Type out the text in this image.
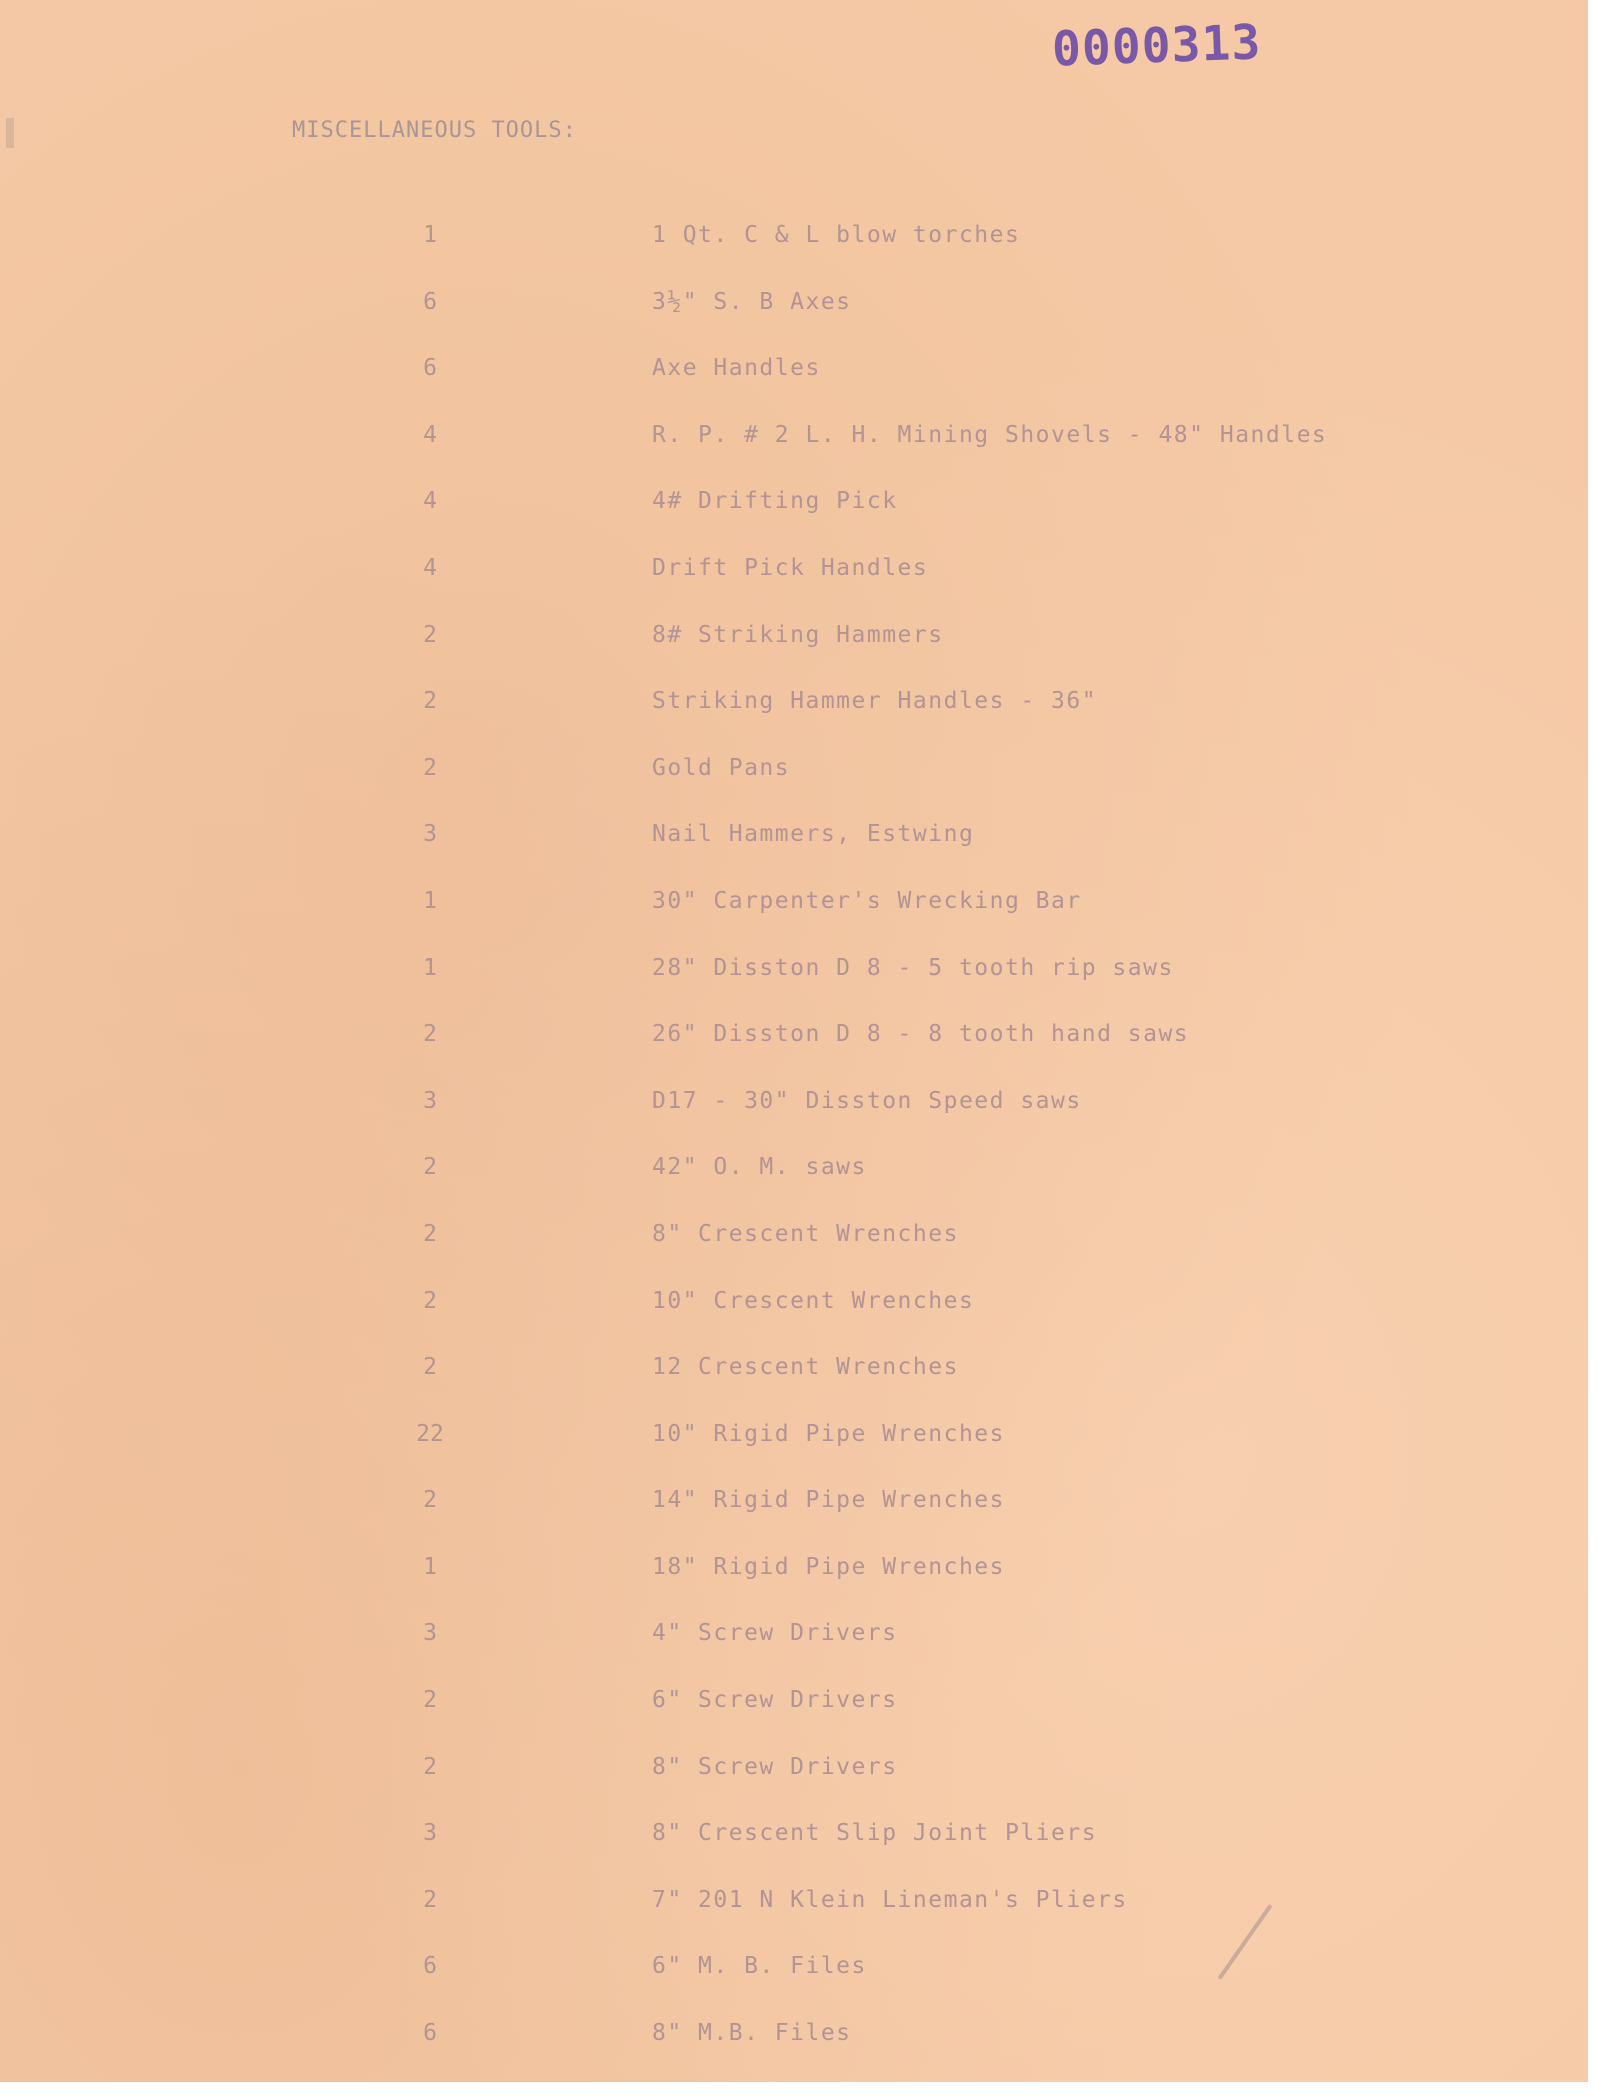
0000313
MISCELLANEOUS TOOLS:
1	1 Qt. C & L blow torches
6	3½" S. B Axes
6	Axe Handles
4	R. P. # 2 L. H. Mining Shovels - 48" Handles
4	4# Drifting Pick
4	Drift Pick Handles
2	8# Striking Hammers
2	Striking Hammer Handles - 36"
2	Gold Pans
3	Nail Hammers, Estwing
1	30" Carpenter's Wrecking Bar
1	28" Disston D 8 - 5 tooth rip saws
2	26" Disston D 8 - 8 tooth hand saws
3	D17 - 30" Disston Speed saws
2	42" O. M. saws
2	8" Crescent Wrenches
2	10" Crescent Wrenches
2	12 Crescent Wrenches
22	10" Rigid Pipe Wrenches
2	14" Rigid Pipe Wrenches
1	18" Rigid Pipe Wrenches
3	4" Screw Drivers
2	6" Screw Drivers
2	8" Screw Drivers
3	8" Crescent Slip Joint Pliers
2	7" 201 N Klein Lineman's Pliers
6	6" M. B. Files
6	8" M.B. Files
